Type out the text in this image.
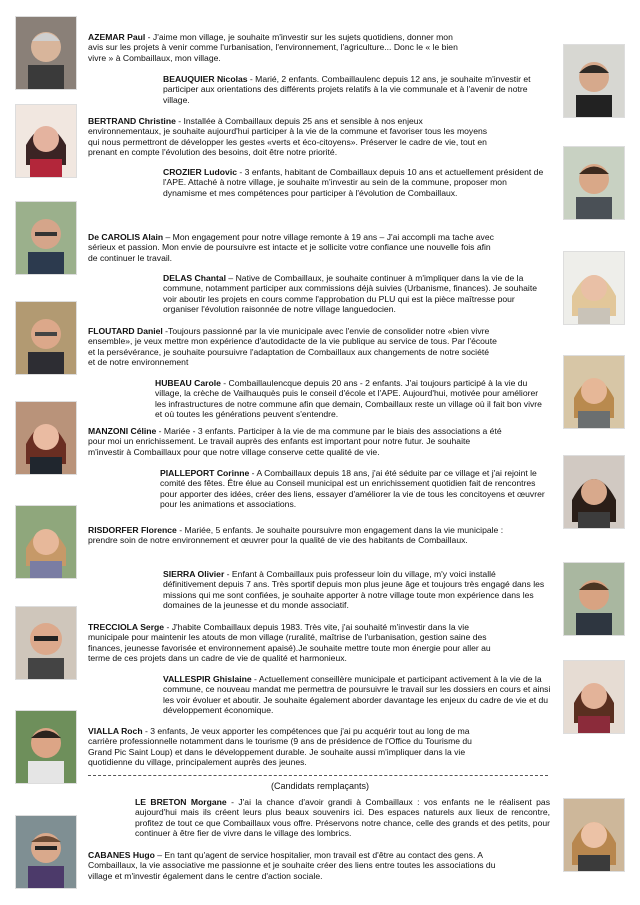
AZEMAR Paul - J'aime mon village, je souhaite m'investir sur les sujets quotidiens, donner mon avis sur les projets à venir comme l'urbanisation, l'environnement, l'agriculture... Donc le « le bien vivre » à Combaillaux, mon village.
BEAUQUIER Nicolas - Marié, 2 enfants. Combaillaulenc depuis 12 ans, je souhaite m'investir et participer aux orientations des différents projets relatifs à la vie communale et à l'avenir de notre village.
BERTRAND Christine - Installée à Combaillaux depuis 25 ans et sensible à nos enjeux environnementaux, je souhaite aujourd'hui participer à la vie de la commune et favoriser tous les moyens qui nous permettront de développer les gestes «verts et éco-citoyens». Préserver le cadre de vie, tout en prenant en compte l'évolution des besoins, doit être notre priorité.
CROZIER Ludovic - 3 enfants, habitant de Combaillaux depuis 10 ans et actuellement président de l'APE. Attaché à notre village, je souhaite m'investir au sein de la commune, proposer mon dynamisme et mes compétences pour participer à l'évolution de Combaillaux.
De CAROLIS Alain – Mon engagement pour notre village remonte à 19 ans – J'ai accompli ma tache avec sérieux et passion. Mon envie de poursuivre est intacte et je sollicite votre confiance une nouvelle fois afin de continuer le travail.
DELAS Chantal – Native de Combaillaux, je souhaite continuer à m'impliquer dans la vie de la commune, notamment participer aux commissions déjà suivies (Urbanisme, finances). Je souhaite voir aboutir les projets en cours comme l'approbation du PLU qui est la pièce maîtresse pour organiser l'évolution raisonnée de notre village languedocien.
FLOUTARD Daniel -Toujours passionné par la vie municipale avec l'envie de consolider notre «bien vivre ensemble», je veux mettre mon expérience d'autodidacte de la vie publique au service de tous. Par l'écoute et la persévérance, je souhaite poursuivre l'adaptation de Combaillaux aux changements de notre société et de notre environnement
HUBEAU Carole - Combaillaulencque depuis 20 ans - 2 enfants. J'ai toujours participé à la vie du village, la crèche de Vailhauquès puis le conseil d'école et l'APE. Aujourd'hui, motivée pour améliorer les infrastructures de notre commune afin que demain, Combaillaux reste un village où il fait bon vivre et où toutes les générations peuvent s'entendre.
MANZONI Céline - Mariée - 3 enfants. Participer à la vie de ma commune par le biais des associations a été pour moi un enrichissement. Le travail auprès des enfants est important pour notre futur. Je souhaite m'investir à Combaillaux pour que notre village conserve cette qualité de vie.
PIALLEPORT Corinne - A Combaillaux depuis 18 ans, j'ai été séduite par ce village et j'ai rejoint le comité des fêtes. Être élue au Conseil municipal est un enrichissement quotidien fait de rencontres pour apporter des idées, créer des liens, essayer d'améliorer la vie de tous les concitoyens et œuvrer pour les animations et associations.
RISDORFER Florence - Mariée, 5 enfants. Je souhaite poursuivre mon engagement dans la vie municipale : prendre soin de notre environnement et œuvrer pour la qualité de vie des habitants de Combaillaux.
SIERRA Olivier - Enfant à Combaillaux puis professeur loin du village, m'y voici installé définitivement depuis 7 ans. Très sportif depuis mon plus jeune âge et toujours très engagé dans les missions qui me sont confiées, je souhaite apporter à notre village toute mon expérience dans les domaines de la jeunesse et du monde associatif.
TRECCIOLA Serge - J'habite Combaillaux depuis 1983. Très vite, j'ai souhaité m'investir dans la vie municipale pour maintenir les atouts de mon village (ruralité, maîtrise de l'urbanisation, gestion saine des finances, jeunesse favorisée et environnement apaisé).Je souhaite mettre toute mon énergie pour aller au terme de ces projets dans un cadre de vie de qualité et harmonieux.
VALLESPIR Ghislaine - Actuellement conseillère municipale et participant activement à la vie de la commune, ce nouveau mandat me permettra de poursuivre le travail sur les dossiers en cours et ainsi les voir évoluer et aboutir. Je souhaite également aborder davantage les enjeux du cadre de vie et du développement économique.
VIALLA Roch - 3 enfants, Je veux apporter les compétences que j'ai pu acquérir tout au long de ma carrière professionnelle notamment dans le tourisme (9 ans de présidence de l'Office du Tourisme du Grand Pic Saint Loup) et dans le développement durable. Je souhaite aussi m'impliquer dans la vie quotidienne du village, principalement auprès des jeunes.
(Candidats remplaçants)
LE BRETON Morgane - J'ai la chance d'avoir grandi à Combaillaux : vos enfants ne le réalisent pas aujourd'hui mais ils créent leurs plus beaux souvenirs ici. Des espaces naturels aux lieux de rencontre, profitez de tout ce que Combaillaux vous offre. Préservons notre chance, celle des grands et des petits, pour continuer à être fier de vivre dans le village des lombrics.
CABANES Hugo – En tant qu'agent de service hospitalier, mon travail est d'être au contact des gens. A Combaillaux, la vie associative me passionne et je souhaite créer des liens entre toutes les associations du village et m'investir également dans le centre d'action sociale.
